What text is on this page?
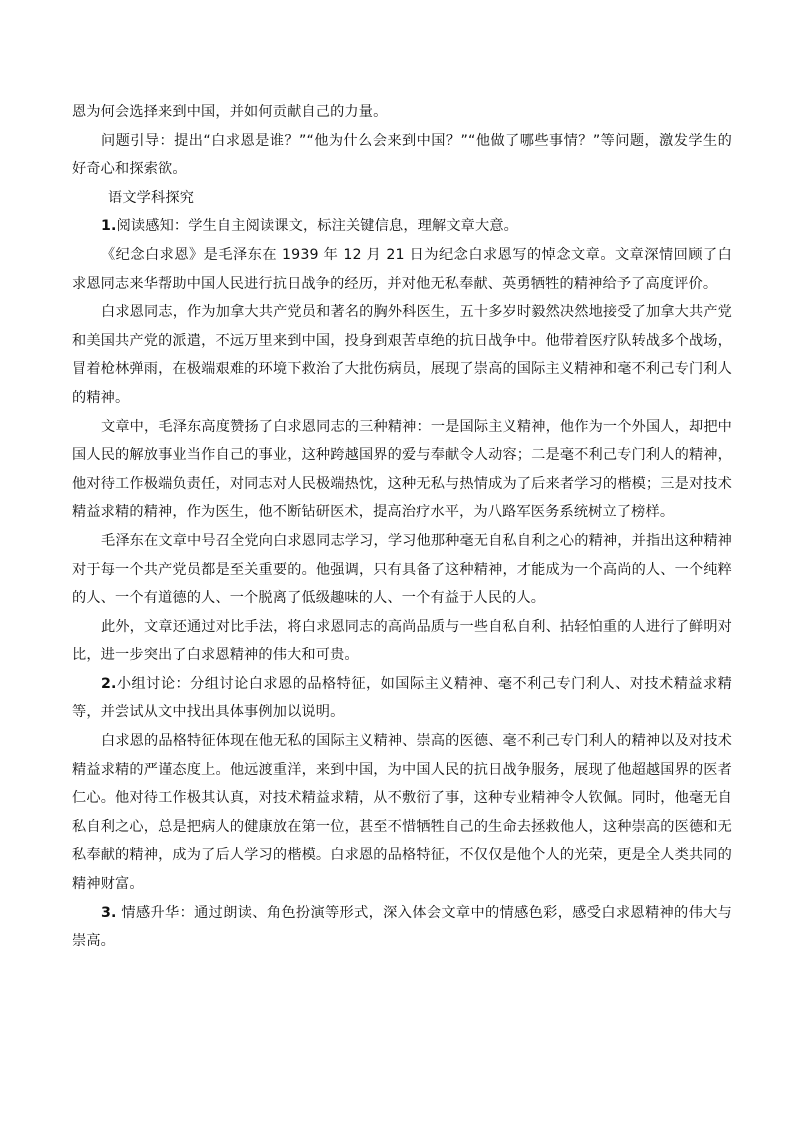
恩为何会选择来到中国，并如何贡献自己的力量。

问题引导：提出“白求恩是谁？”“他为什么会来到中国？”“他做了哪些事情？”等问题，激发学生的好奇心和探索欲。

语文学科探究

1.阅读感知：学生自主阅读课文，标注关键信息，理解文章大意。

《纪念白求恩》是毛泽东在 1939 年 12 月 21 日为纪念白求恩写的悼念文章。文章深情回顾了白求恩同志来华帮助中国人民进行抗日战争的经历，并对他无私奉献、英勇牺牲的精神给予了高度评价。

白求恩同志，作为加拿大共产党员和著名的胸外科医生，五十多岁时毅然决然地接受了加拿大共产党和美国共产党的派遣，不远万里来到中国，投身到艰苦卓绝的抗日战争中。他带着医疗队转战多个战场，冒着枪林弹雨，在极端艰难的环境下救治了大批伤病员，展现了崇高的国际主义精神和毫不利己专门利人的精神。

文章中，毛泽东高度赞扬了白求恩同志的三种精神：一是国际主义精神，他作为一个外国人，却把中国人民的解放事业当作自己的事业，这种跨越国界的爱与奉献令人动容；二是毫不利己专门利人的精神，他对待工作极端负责任，对同志对人民极端热忱，这种无私与热情成为了后来者学习的楷模；三是对技术精益求精的精神，作为医生，他不断钻研医术，提高治疗水平，为八路军医务系统树立了榜样。

毛泽东在文章中号召全党向白求恩同志学习，学习他那种毫无自私自利之心的精神，并指出这种精神对于每一个共产党员都是至关重要的。他强调，只有具备了这种精神，才能成为一个高尚的人、一个纯粹的人、一个有道德的人、一个脱离了低级趣味的人、一个有益于人民的人。

此外，文章还通过对比手法，将白求恩同志的高尚品质与一些自私自利、拈轻怕重的人进行了鲜明对比，进一步突出了白求恩精神的伟大和可贵。

2.小组讨论：分组讨论白求恩的品格特征，如国际主义精神、毫不利己专门利人、对技术精益求精等，并尝试从文中找出具体事例加以说明。

白求恩的品格特征体现在他无私的国际主义精神、崇高的医德、毫不利己专门利人的精神以及对技术精益求精的严谨态度上。他远渡重洋，来到中国，为中国人民的抗日战争服务，展现了他超越国界的医者仁心。他对待工作极其认真，对技术精益求精，从不敷衍了事，这种专业精神令人钦佩。同时，他毫无自私自利之心，总是把病人的健康放在第一位，甚至不惜牺牲自己的生命去拯救他人，这种崇高的医德和无私奉献的精神，成为了后人学习的楷模。白求恩的品格特征，不仅仅是他个人的光荣，更是全人类共同的精神财富。

3. 情感升华：通过朗读、角色扮演等形式，深入体会文章中的情感色彩，感受白求恩精神的伟大与崇高。
